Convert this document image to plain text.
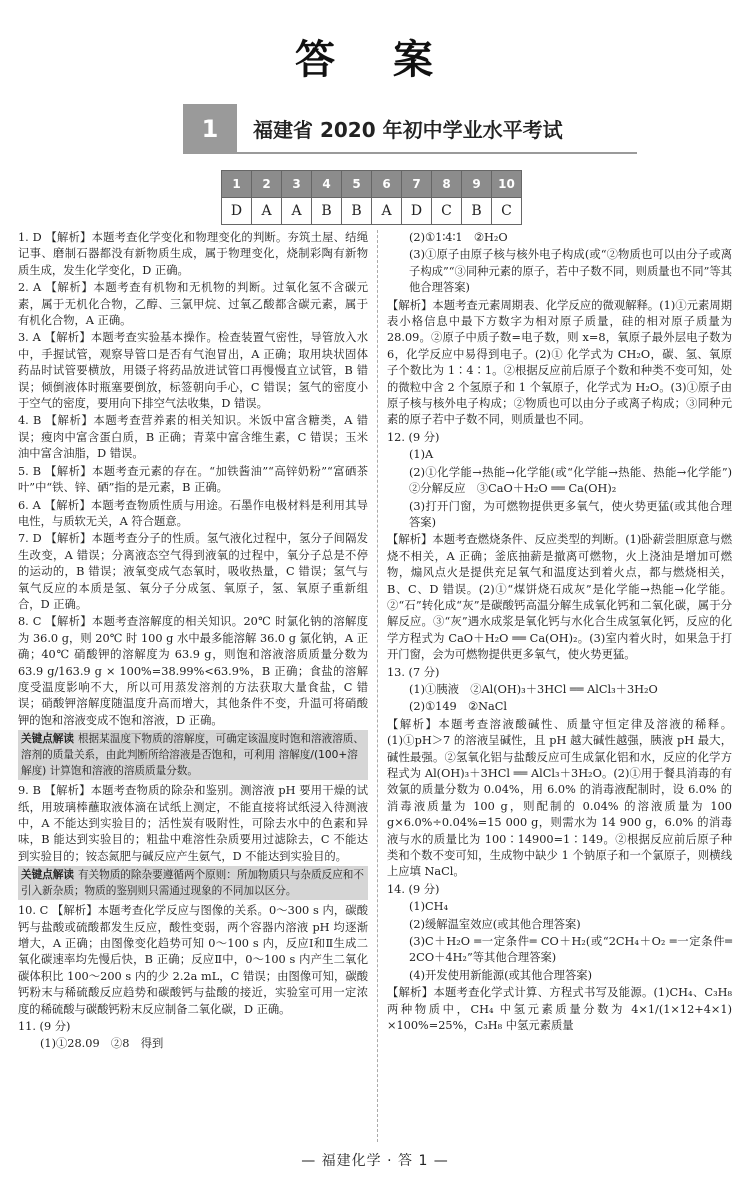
答 案
1	福建省 2020 年初中学业水平考试
1	2	3	4	5	6	7	8	9	10
D	A	A	B	B	A	D	C	B	C
1. D 【解析】本题考查化学变化和物理变化的判断。夯筑土屋、结绳记事、磨制石器都没有新物质生成，属于物理变化，烧制彩陶有新物质生成，发生化学变化，D 正确。
2. A 【解析】本题考查有机物和无机物的判断。过氧化氢不含碳元素，属于无机化合物，乙醇、三氯甲烷、过氧乙酸都含碳元素，属于有机化合物，A 正确。
3. A 【解析】本题考查实验基本操作。检查装置气密性，导管放入水中，手握试管，观察导管口是否有气泡冒出，A 正确；取用块状固体药品时试管要横放，用镊子将药品放进试管口再慢慢直立试管，B 错误；倾倒液体时瓶塞要倒放，标签朝向手心，C 错误；氢气的密度小于空气的密度，要用向下排空气法收集，D 错误。
4. B 【解析】本题考查营养素的相关知识。米饭中富含糖类，A 错误；瘦肉中富含蛋白质，B 正确；青菜中富含维生素，C 错误；玉米油中富含油脂，D 错误。
5. B 【解析】本题考查元素的存在。“加铁酱油”“高锌奶粉”“富硒茶叶”中“铁、锌、硒”指的是元素，B 正确。
6. A 【解析】本题考查物质性质与用途。石墨作电极材料是利用其导电性，与质软无关，A 符合题意。
7. D 【解析】本题考查分子的性质。氢气液化过程中，氢分子间隔发生改变，A 错误；分离液态空气得到液氧的过程中，氧分子总是不停的运动的，B 错误；液氧变成气态氧时，吸收热量，C 错误；氢气与氧气反应的本质是氢、氧分子分成氢、氧原子，氢、氧原子重新组合，D 正确。
8. C 【解析】本题考查溶解度的相关知识。20℃ 时氯化钠的溶解度为 36.0 g，则 20℃ 时 100 g 水中最多能溶解 36.0 g 氯化钠，A 正确；40℃ 硝酸钾的溶解度为 63.9 g，则饱和溶液溶质质量分数为 63.9 g/163.9 g × 100%=38.99%<63.9%，B 正确；食盐的溶解度受温度影响不大，所以可用蒸发溶剂的方法获取大量食盐，C 错误；硝酸钾溶解度随温度升高而增大，其他条件不变，升温可将硝酸钾的饱和溶液变成不饱和溶液，D 正确。
关键点解读 根据某温度下物质的溶解度，可确定该温度时饱和溶液溶质、溶剂的质量关系，由此判断所给溶液是否饱和，可利用 溶解度/(100+溶解度) 计算饱和溶液的溶质质量分数。
9. B 【解析】本题考查物质的除杂和鉴别。测溶液 pH 要用干燥的试纸，用玻璃棒蘸取液体滴在试纸上测定，不能直接将试纸浸入待测液中，A 不能达到实验目的；活性炭有吸附性，可除去水中的色素和异味，B 能达到实验目的；粗盐中难溶性杂质要用过滤除去，C 不能达到实验目的；铵态氮肥与碱反应产生氨气，D 不能达到实验目的。
关键点解读 有关物质的除杂要遵循两个原则：所加物质只与杂质反应和不引入新杂质；物质的鉴别则只需通过现象的不同加以区分。
10. C 【解析】本题考查化学反应与图像的关系。0～300 s 内，碳酸钙与盐酸或硫酸都发生反应，酸性变弱，两个容器内溶液 pH 均逐渐增大，A 正确；由图像变化趋势可知 0～100 s 内，反应Ⅰ和Ⅱ生成二氧化碳速率均先慢后快，B 正确；反应Ⅱ中，0～100 s 内产生二氧化碳体积比 100～200 s 内的少 2.2a mL，C 错误；由图像可知，碳酸钙粉末与稀硫酸反应趋势和碳酸钙与盐酸的接近，实验室可用一定浓度的稀硫酸与碳酸钙粉末反应制备二氧化碳，D 正确。
11. (9 分)
(1)①28.09　②8　得到
(2)①1∶4∶1　②H₂O
(3)①原子由原子核与核外电子构成(或“②物质也可以由分子或离子构成”“③同种元素的原子，若中子数不同，则质量也不同”等其他合理答案)
【解析】本题考查元素周期表、化学反应的微观解释。(1)①元素周期表小格信息中最下方数字为相对原子质量，硅的相对原子质量为 28.09。②原子中质子数=电子数，则 x=8，氧原子最外层电子数为 6，化学反应中易得到电子。(2)① 化学式为 CH₂O，碳、氢、氧原子个数比为 1∶4∶1。②根据反应前后原子个数和种类不变可知，处的微粒中含 2 个氢原子和 1 个氧原子，化学式为 H₂O。(3)①原子由原子核与核外电子构成；②物质也可以由分子或离子构成；③同种元素的原子若中子数不同，则质量也不同。
12. (9 分)
(1)A
(2)①化学能→热能→化学能(或“化学能→热能、热能→化学能”)　②分解反应　③CaO＋H₂O ══ Ca(OH)₂
(3)打开门窗，为可燃物提供更多氧气，使火势更猛(或其他合理答案)
【解析】本题考查燃烧条件、反应类型的判断。(1)卧薪尝胆原意与燃烧不相关，A 正确；釜底抽薪是撤离可燃物，火上浇油是增加可燃物，煽风点火是提供充足氧气和温度达到着火点，都与燃烧相关，B、C、D 错误。(2)①“煤饼烧石成灰”是化学能→热能→化学能。②“石”转化成“灰”是碳酸钙高温分解生成氧化钙和二氧化碳，属于分解反应。③“灰”遇水成浆是氧化钙与水化合生成氢氧化钙，反应的化学方程式为 CaO＋H₂O ══ Ca(OH)₂。(3)室内着火时，如果急于打开门窗，会为可燃物提供更多氧气，使火势更猛。
13. (7 分)
(1)①胰液　②Al(OH)₃＋3HCl ══ AlCl₃＋3H₂O
(2)①149　②NaCl
【解析】本题考查溶液酸碱性、质量守恒定律及溶液的稀释。(1)①pH＞7 的溶液呈碱性，且 pH 越大碱性越强，胰液 pH 最大，碱性最强。②氢氧化铝与盐酸反应可生成氯化铝和水，反应的化学方程式为 Al(OH)₃＋3HCl ══ AlCl₃＋3H₂O。(2)①用于餐具消毒的有效氯的质量分数为 0.04%，用 6.0% 的消毒液配制时，设 6.0% 的消毒液质量为 100 g，则配制的 0.04% 的溶液质量为 100 g×6.0%÷0.04%=15 000 g，则需水为 14 900 g，6.0% 的消毒液与水的质量比为 100∶14900=1∶149。②根据反应前后原子种类和个数不变可知，生成物中缺少 1 个钠原子和一个氯原子，则横线上应填 NaCl。
14. (9 分)
(1)CH₄
(2)缓解温室效应(或其他合理答案)
(3)C＋H₂O ═一定条件═ CO＋H₂(或“2CH₄＋O₂ ═一定条件═ 2CO＋4H₂”等其他合理答案)
(4)开发使用新能源(或其他合理答案)
【解析】本题考查化学式计算、方程式书写及能源。(1)CH₄、C₃H₈ 两种物质中，CH₄ 中氢元素质量分数为 4×1/(1×12+4×1) ×100%=25%，C₃H₈ 中氢元素质量
— 福建化学 · 答 1 —
